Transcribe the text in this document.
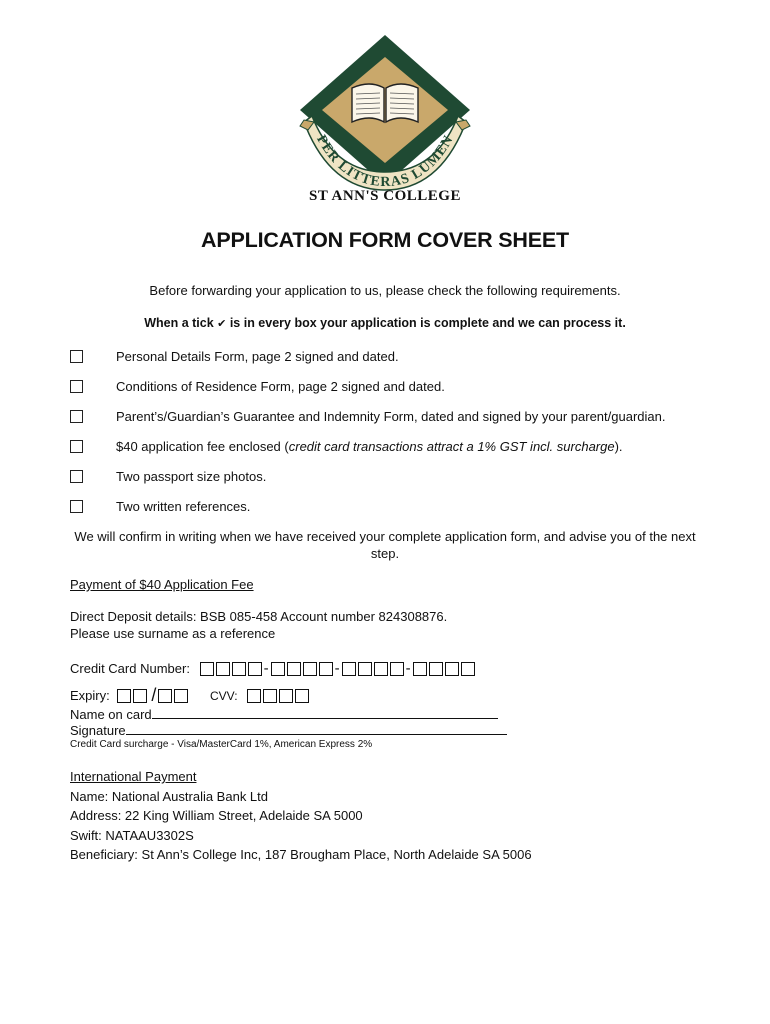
PER LITTERAS LUMEN
ST ANN'S COLLEGE
APPLICATION FORM COVER SHEET
Before forwarding your application to us, please check the following requirements.
When a tick ✔ is in every box your application is complete and we can process it.
Personal Details Form, page 2 signed and dated.
Conditions of Residence Form, page 2 signed and dated.
Parent’s/Guardian’s Guarantee and Indemnity Form, dated and signed by your parent/guardian.
$40 application fee enclosed (credit card transactions attract a 1% GST incl. surcharge).
Two passport size photos.
Two written references.
We will confirm in writing when we have received your complete application form, and advise you of the next step.
Payment of $40 Application Fee
Direct Deposit details: BSB 085-458 Account number 824308876.
Please use surname as a reference
Credit Card Number:	-	-	-
Expiry: /	CVV:
Name on card
Signature
Credit Card surcharge - Visa/MasterCard 1%, American Express 2%
International Payment
Name: National Australia Bank Ltd
Address: 22 King William Street, Adelaide SA 5000
Swift: NATAAU3302S
Beneficiary: St Ann’s College Inc, 187 Brougham Place, North Adelaide SA 5006
